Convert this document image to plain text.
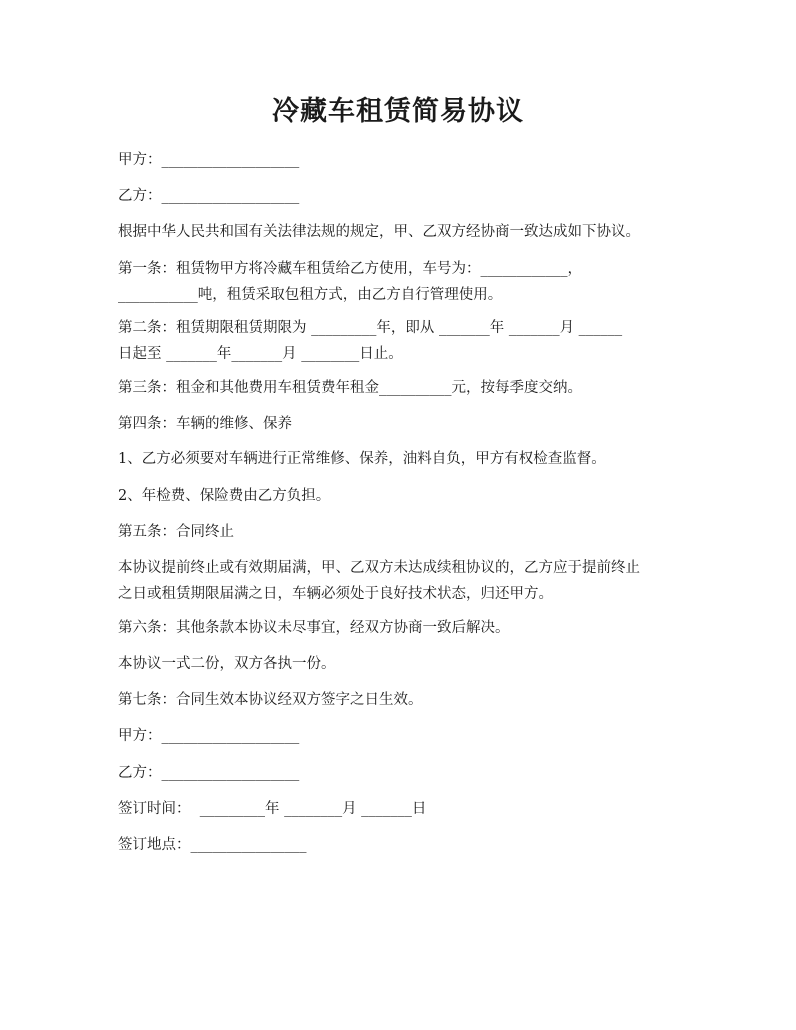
冷藏车租赁简易协议
甲方：___________________
乙方：___________________
根据中华人民共和国有关法律法规的规定，甲、乙双方经协商一致达成如下协议。
第一条：租赁物甲方将冷藏车租赁给乙方使用，车号为：____________，
___________吨，租赁采取包租方式，由乙方自行管理使用。
第二条：租赁期限租赁期限为 _________年，即从 _______年 _______月 ______
日起至 _______年_______月 ________日止。
第三条：租金和其他费用车租赁费年租金__________元，按每季度交纳。
第四条：车辆的维修、保养
1、乙方必须要对车辆进行正常维修、保养，油料自负，甲方有权检查监督。
2、年检费、保险费由乙方负担。
第五条：合同终止
本协议提前终止或有效期届满，甲、乙双方未达成续租协议的，乙方应于提前终止
之日或租赁期限届满之日，车辆必须处于良好技术状态，归还甲方。
第六条：其他条款本协议未尽事宜，经双方协商一致后解决。
本协议一式二份，双方各执一份。
第七条：合同生效本协议经双方签字之日生效。
甲方：___________________
乙方：___________________
签订时间：  _________年 ________月 _______日
签订地点：________________
